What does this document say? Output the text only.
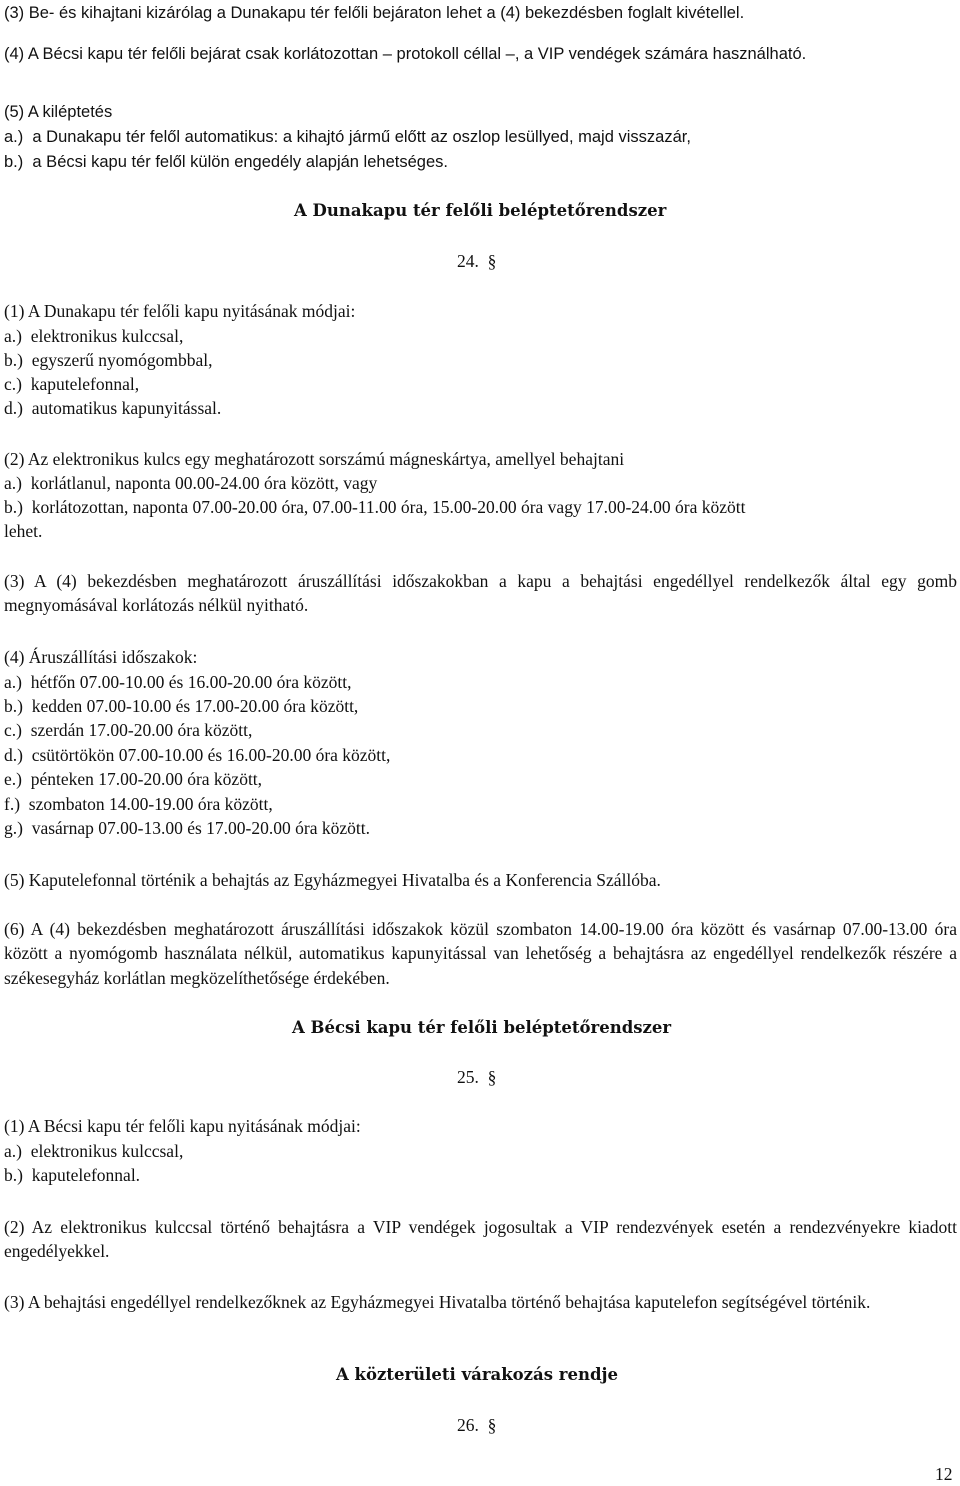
(3) Be- és kihajtani kizárólag a Dunakapu tér felőli bejáraton lehet a (4) bekezdésben foglalt kivétellel.
(4) A Bécsi kapu tér felőli bejárat csak korlátozottan – protokoll céllal –, a VIP vendégek számára használható.
(5) A kiléptetés
a.)  a Dunakapu tér felől automatikus: a kihajtó jármű előtt az oszlop lesüllyed, majd visszazár,
b.)  a Bécsi kapu tér felől külön engedély alapján lehetséges.
A Dunakapu tér felőli beléptetőrendszer
24. §
(1) A Dunakapu tér felőli kapu nyitásának módjai:
a.)  elektronikus kulccsal,
b.)  egyszerű nyomógombbal,
c.)  kaputelefonnal,
d.)  automatikus kapunyitással.
(2) Az elektronikus kulcs egy meghatározott sorszámú mágneskártya, amellyel behajtani
a.)  korlátlanul, naponta 00.00-24.00 óra között, vagy
b.)  korlátozottan, naponta 07.00-20.00 óra, 07.00-11.00 óra, 15.00-20.00 óra vagy 17.00-24.00 óra között
lehet.
(3) A (4) bekezdésben meghatározott áruszállítási időszakokban a kapu a behajtási engedéllyel rendelkezők által egy gomb megnyomásával korlátozás nélkül nyitható.
(4) Áruszállítási időszakok:
a.)  hétfőn 07.00-10.00 és 16.00-20.00 óra között,
b.)  kedden 07.00-10.00 és 17.00-20.00 óra között,
c.)  szerdán 17.00-20.00 óra között,
d.)  csütörtökön 07.00-10.00 és 16.00-20.00 óra között,
e.)  pénteken 17.00-20.00 óra között,
f.)  szombaton 14.00-19.00 óra között,
g.)  vasárnap 07.00-13.00 és 17.00-20.00 óra között.
(5) Kaputelefonnal történik a behajtás az Egyházmegyei Hivatalba és a Konferencia Szállóba.
(6) A (4) bekezdésben meghatározott áruszállítási időszakok közül szombaton 14.00-19.00 óra között és vasárnap 07.00-13.00 óra között a nyomógomb használata nélkül, automatikus kapunyitással van lehetőség a behajtásra az engedéllyel rendelkezők részére a székesegyház korlátlan megközelíthetősége érdekében.
A Bécsi kapu tér felőli beléptetőrendszer
25. §
(1) A Bécsi kapu tér felőli kapu nyitásának módjai:
a.)  elektronikus kulccsal,
b.)  kaputelefonnal.
(2) Az elektronikus kulccsal történő behajtásra a VIP vendégek jogosultak a VIP rendezvények esetén a rendezvényekre kiadott engedélyekkel.
(3) A behajtási engedéllyel rendelkezőknek az Egyházmegyei Hivatalba történő behajtása kaputelefon segítségével történik.
A közterületi várakozás rendje
26. §
12
